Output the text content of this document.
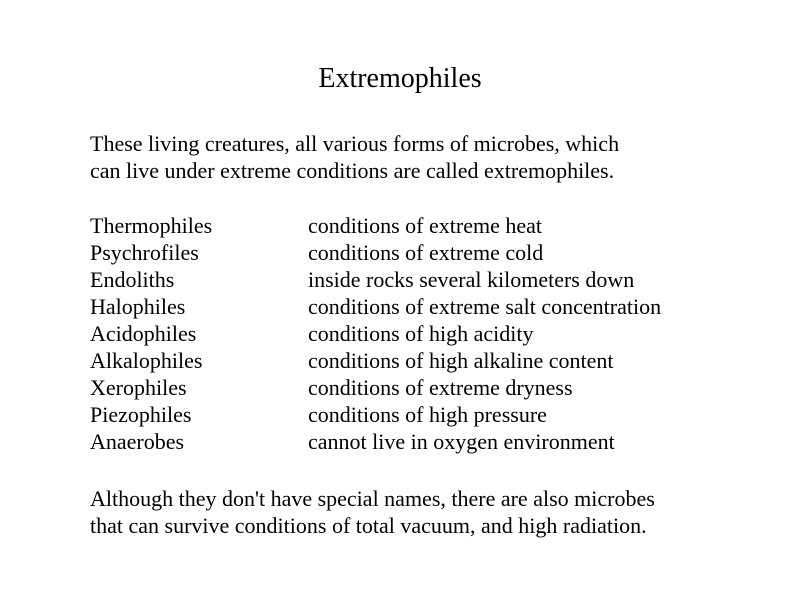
Extremophiles
These living creatures, all various forms of microbes, which
can live under extreme conditions are called extremophiles.
Thermophiles	conditions of extreme heat
Psychrofiles	conditions of extreme cold
Endoliths	inside rocks several kilometers down
Halophiles	conditions of extreme salt concentration
Acidophiles	conditions of high acidity
Alkalophiles	conditions of high alkaline content
Xerophiles	conditions of extreme dryness
Piezophiles	conditions of high pressure
Anaerobes	cannot live in oxygen environment
Although they don't have special names, there are also microbes
that can survive conditions of total vacuum, and high radiation.
